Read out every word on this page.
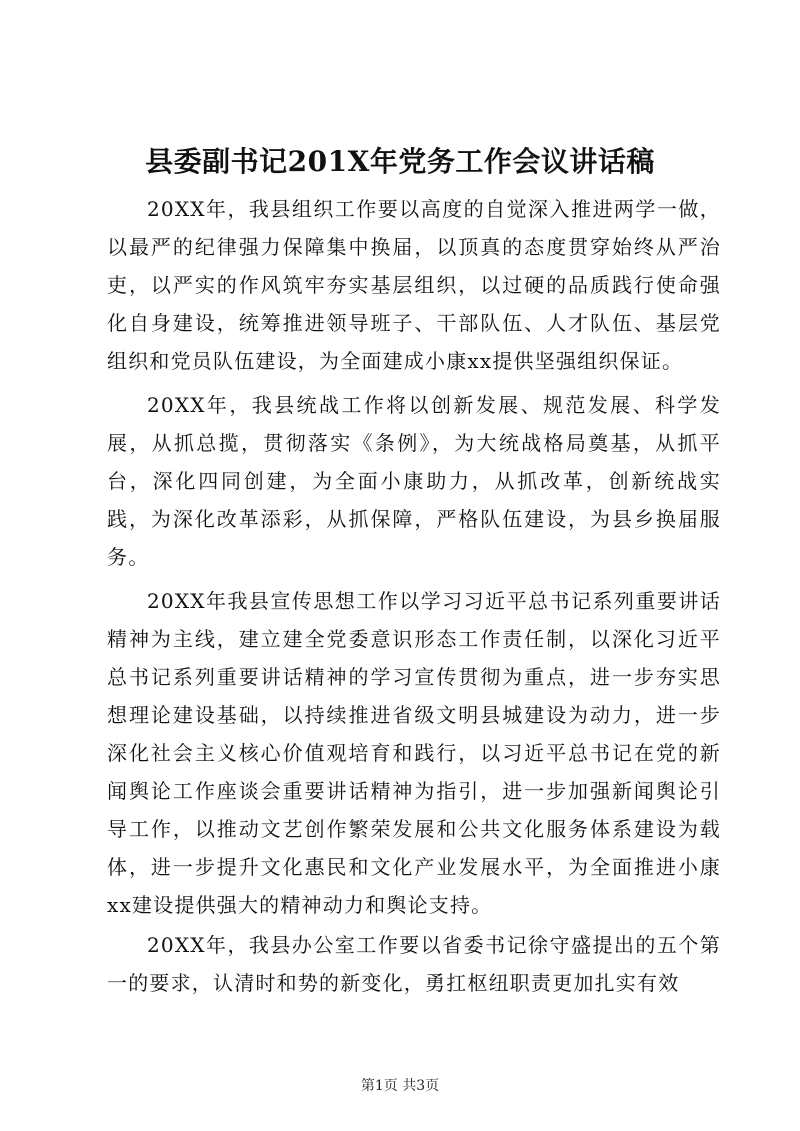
县委副书记201X年党务工作会议讲话稿

20XX年，我县组织工作要以高度的自觉深入推进两学一做，以最严的纪律强力保障集中换届，以顶真的态度贯穿始终从严治吏，以严实的作风筑牢夯实基层组织，以过硬的品质践行使命强化自身建设，统筹推进领导班子、干部队伍、人才队伍、基层党组织和党员队伍建设，为全面建成小康xx提供坚强组织保证。

20XX年，我县统战工作将以创新发展、规范发展、科学发展，从抓总揽，贯彻落实《条例》，为大统战格局奠基，从抓平台，深化四同创建，为全面小康助力，从抓改革，创新统战实践，为深化改革添彩，从抓保障，严格队伍建设，为县乡换届服务。

20XX年我县宣传思想工作以学习习近平总书记系列重要讲话精神为主线，建立建全党委意识形态工作责任制，以深化习近平总书记系列重要讲话精神的学习宣传贯彻为重点，进一步夯实思想理论建设基础，以持续推进省级文明县城建设为动力，进一步深化社会主义核心价值观培育和践行，以习近平总书记在党的新闻舆论工作座谈会重要讲话精神为指引，进一步加强新闻舆论引导工作，以推动文艺创作繁荣发展和公共文化服务体系建设为载体，进一步提升文化惠民和文化产业发展水平，为全面推进小康xx建设提供强大的精神动力和舆论支持。

20XX年，我县办公室工作要以省委书记徐守盛提出的五个第一的要求，认清时和势的新变化，勇扛枢纽职责更加扎实有效

第1页 共3页
